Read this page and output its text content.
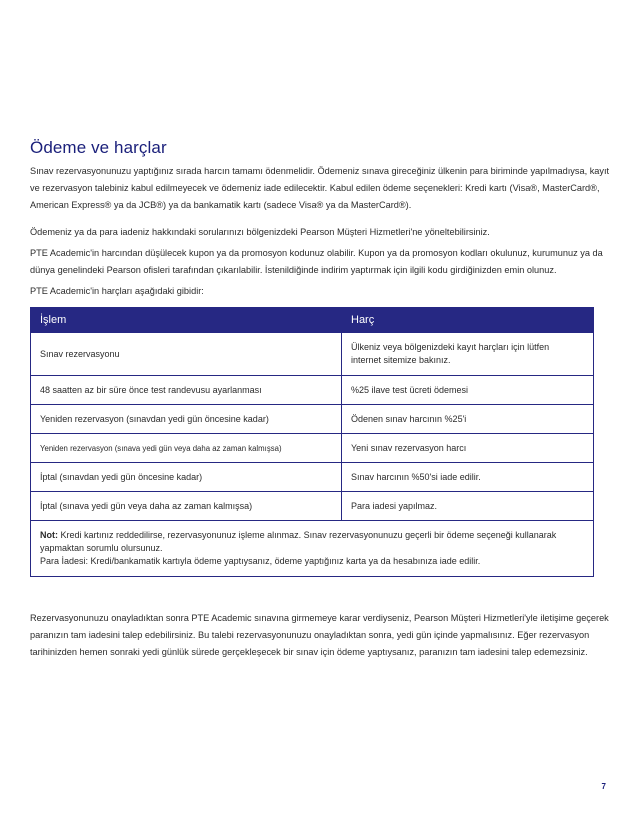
Ödeme ve harçlar

Sınav rezervasyonunuzu yaptığınız sırada harcın tamamı ödenmelidir. Ödemeniz sınava gireceğiniz ülkenin para biriminde yapılmadıysa, kayıt ve rezervasyon talebiniz kabul edilmeyecek ve ödemeniz iade edilecektir. Kabul edilen ödeme seçenekleri: Kredi kartı (Visa®, MasterCard®, American Express® ya da JCB®) ya da bankamatik kartı (sadece Visa® ya da MasterCard®).

Ödemeniz ya da para iadeniz hakkındaki sorularınızı bölgenizdeki Pearson Müşteri Hizmetleri'ne yöneltebilirsiniz.

PTE Academic'in harcından düşülecek kupon ya da promosyon kodunuz olabilir. Kupon ya da promosyon kodları okulunuz, kurumunuz ya da dünya genelindeki Pearson ofisleri tarafından çıkarılabilir. İstenildiğinde indirim yaptırmak için ilgili kodu girdiğinizden emin olunuz.

PTE Academic'in harçları aşağıdaki gibidir:

İşlem	Harç
Sınav rezervasyonu	Ülkeniz veya bölgenizdeki kayıt harçları için lütfen internet sitemize bakınız.
48 saatten az bir süre önce test randevusu ayarlanması	%25 ilave test ücreti ödemesi
Yeniden rezervasyon (sınavdan yedi gün öncesine kadar)	Ödenen sınav harcının %25'i
Yeniden rezervasyon (sınava yedi gün veya daha az zaman kalmışsa)	Yeni sınav rezervasyon harcı
İptal (sınavdan yedi gün öncesine kadar)	Sınav harcının %50'si iade edilir.
İptal (sınava yedi gün veya daha az zaman kalmışsa)	Para iadesi yapılmaz.
Not: Kredi kartınız reddedilirse, rezervasyonunuz işleme alınmaz. Sınav rezervasyonunuzu geçerli bir ödeme seçeneği kullanarak yapmaktan sorumlu olursunuz.
Para İadesi: Kredi/bankamatik kartıyla ödeme yaptıysanız, ödeme yaptığınız karta ya da hesabınıza iade edilir.	

Rezervasyonunuzu onayladıktan sonra PTE Academic sınavına girmemeye karar verdiyseniz, Pearson Müşteri Hizmetleri'yle iletişime geçerek paranızın tam iadesini talep edebilirsiniz. Bu talebi rezervasyonunuzu onayladıktan sonra, yedi gün içinde yapmalısınız. Eğer rezervasyon tarihinizden hemen sonraki yedi günlük sürede gerçekleşecek bir sınav için ödeme yaptıysanız, paranızın tam iadesini talep edemezsiniz.

7
